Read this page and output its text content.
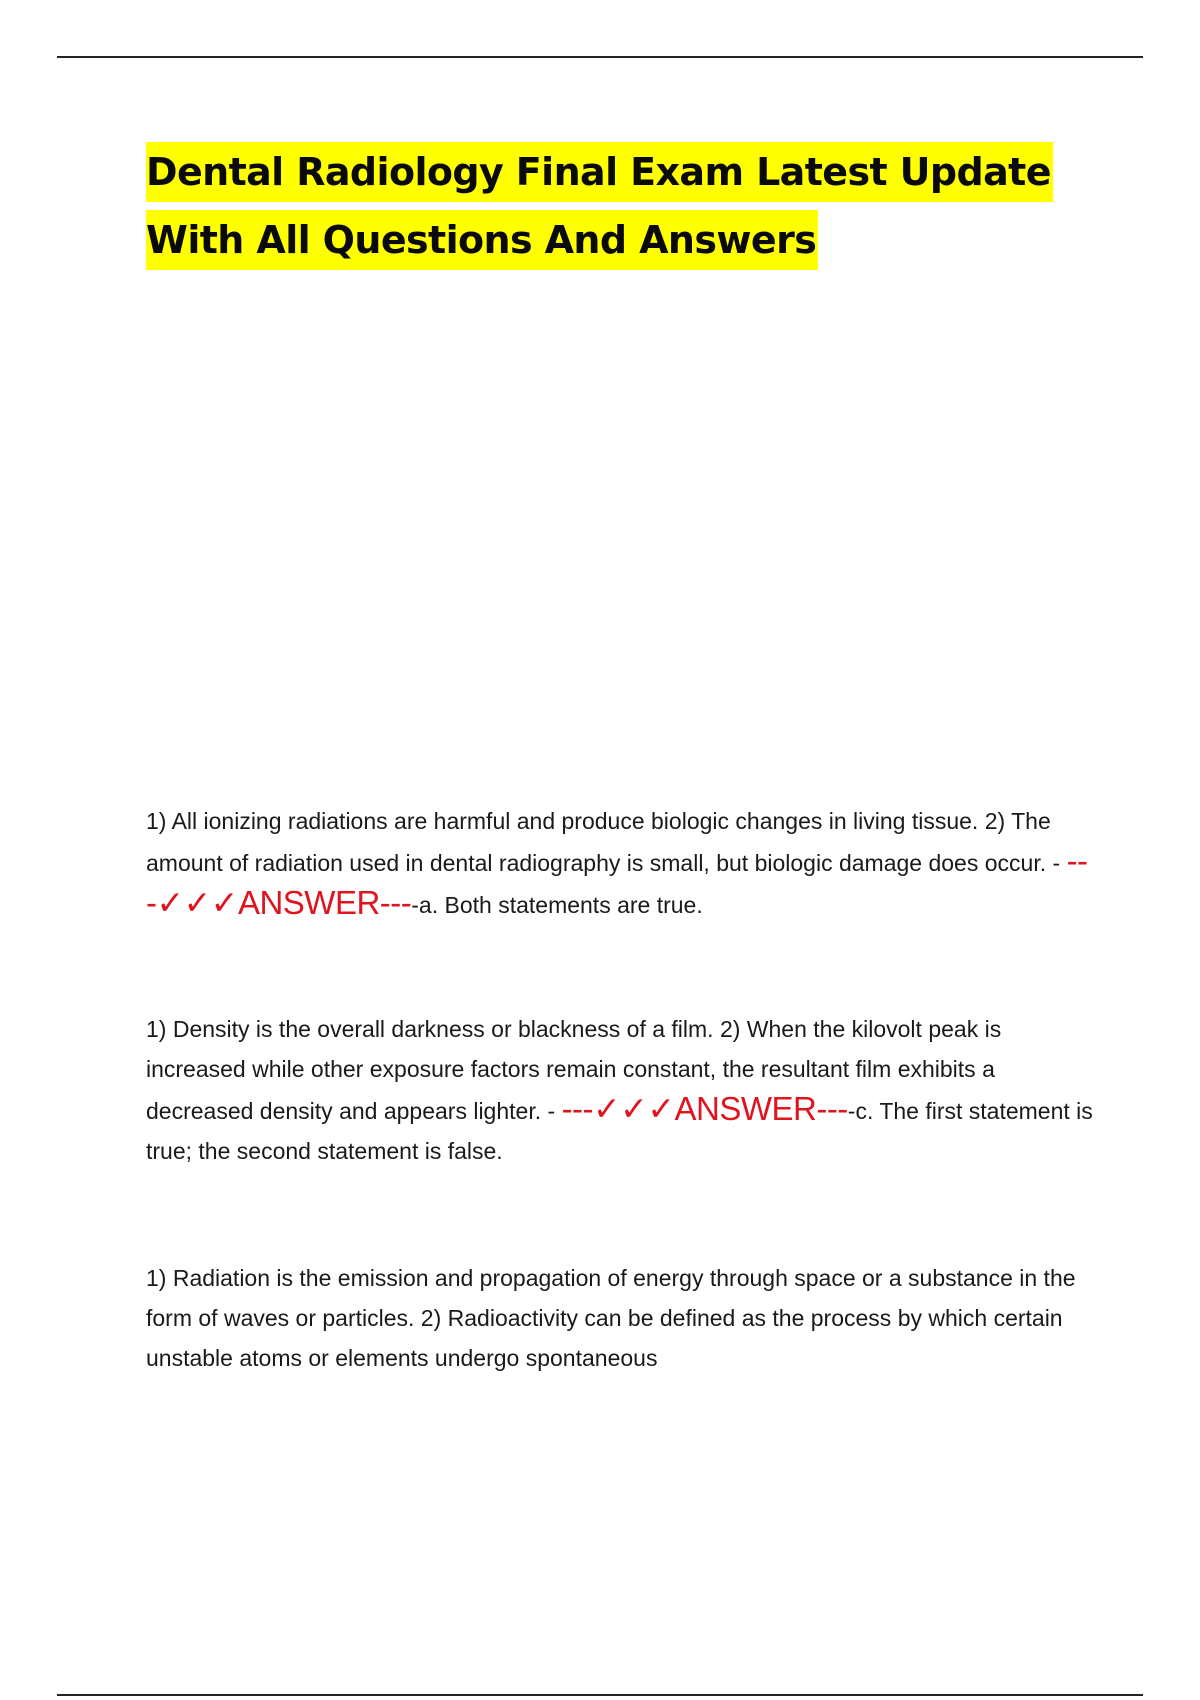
Dental Radiology Final Exam Latest Update
With All Questions And Answers
1) All ionizing radiations are harmful and produce biologic changes in living tissue. 2) The amount of radiation used in dental radiography is small, but biologic damage does occur. - ---✓✓✓ANSWER----a. Both statements are true.
1) Density is the overall darkness or blackness of a film. 2) When the kilovolt peak is increased while other exposure factors remain constant, the resultant film exhibits a decreased density and appears lighter. - ---✓✓✓ANSWER----c. The first statement is true; the second statement is false.
1) Radiation is the emission and propagation of energy through space or a substance in the form of waves or particles. 2) Radioactivity can be defined as the process by which certain unstable atoms or elements undergo spontaneous
